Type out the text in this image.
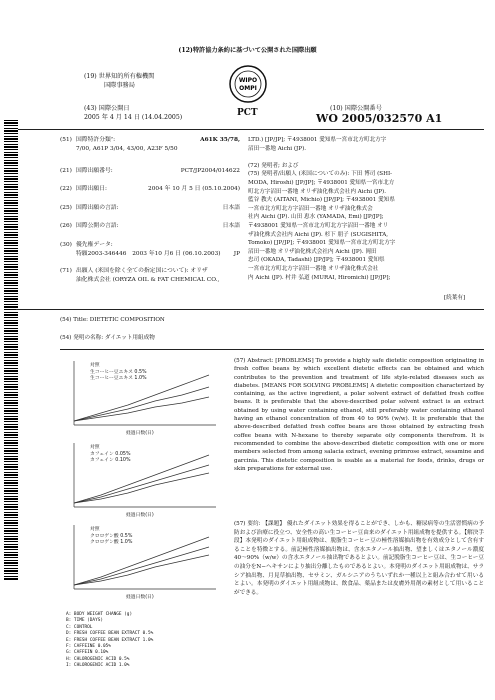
(12)特許協力条約に基づいて公開された国際出願
(19) 世界知的所有権機関
国際事務局
WIPO
OMPI
(43) 国際公開日
2005 年 4 月 14 日 (14.04.2005)	PCT	(10) 国際公開番号
WO 2005/032570 A1
(51) 国際特許分類⁷:	A61K 35/78,
7/00, A61P 3/04, 43/00, A23F 5/50
(21) 国際出願番号:	PCT/JP2004/014622
(22) 国際出願日:	2004 年 10 月 5 日 (05.10.2004)
(25) 国際出願の言語:	日本語
(26) 国際公開の言語:	日本語
(30) 優先権データ:
特願2003-346446　2003 年10 月6 日 (06.10.2003) JP
(71) 出願人 (米国を除く全ての指定国について): オリザ
油化株式会社 (ORYZA OIL & FAT CHEMICAL CO.,
LTD.) [JP/JP]; 〒4938001 愛知県一宮市北方町北方字
沼田一番地 Aichi (JP).

(72) 発明者; および
(75) 発明者/出願人 (米国についてのみ): 下田 博司 (SHI-
MODA, Hiroshi) [JP/JP]; 〒4938001 愛知県一宮市北方
町北方字沼田一番地 オリザ油化株式会社内 Aichi (JP).
藍谷 教夫 (AITANI, Michio) [JP/JP]; 〒4938001 愛知県
一宮市北方町北方字沼田一番地 オリザ油化株式会
社内 Aichi (JP). 山田 恵水 (YAMADA, Emi) [JP/JP];
〒4938001 愛知県一宮市北方町北方字沼田一番地 オリ
ザ油化株式会社内 Aichi (JP). 杉下 朋子 (SUGISHITA,
Tomoko) [JP/JP]; 〒4938001 愛知県一宮市北方町北方字
沼田一番地 オリザ油化株式会社内 Aichi (JP). 岡田
忠司 (OKADA, Tadashi) [JP/JP]; 〒4938001 愛知県
一宮市北方町北方字沼田一番地 オリザ油化株式会社
内 Aichi (JP). 村井 弘道 (MURAI, Hiromichi) [JP/JP];
[続葉有]
(54) Title: DIETETIC COMPOSITION
(54) 発明の名称: ダイエット用組成物
対照
生コーヒー豆エキス 0.5%
生コーヒー豆エキス 1.0%
経過日数(日)
対照
カフェイン 0.05%
カフェイン 0.10%
経過日数(日)
対照
クロロゲン酸 0.5%
クロロゲン酸 1.0%
経過日数(日)
A: BODY WEIGHT CHANGE (g)
B: TIME (DAYS)
C: CONTROL
D: FRESH COFFEE BEAN EXTRACT 0.5%
E: FRESH COFFEE BEAN EXTRACT 1.0%
F: CAFFEINE 0.05%
G: CAFFEIN 0.10%
H: CHLOROGENIC ACID 0.5%
I: CHLOROGENIC ACID 1.0%
(57) Abstract: [PROBLEMS] To provide a highly safe dietetic composition originating in fresh coffee beans by which excellent dietetic effects can be obtained and which contributes to the prevention and treatment of life style-related diseases such as diabetes. [MEANS FOR SOLVING PROBLEMS] A dietetic composition characterized by containing, as the active ingredient, a polar solvent extract of defatted fresh coffee beans. It is preferable that the above-described polar solvent extract is an extract obtained by using water containing ethanol, still preferably water containing ethanol having an ethanol concentration of from 40 to 90% (w/w). It is preferable that the above-described defatted fresh coffee beans are those obtained by extracting fresh coffee beans with N-hexane to thereby separate oily components therefrom. It is recommended to combine the above-described dietetic composition with one or more members selected from among salacia extract, evening primrose extract, sesamine and garcinia. This dietetic composition is usable as a material for foods, drinks, drugs or skin preparations for external use.
(57) 要約: 【課題】 優れたダイエット効果を得ることができ、しかも、糖尿病等の生活習慣病の予防および治療に役立つ、安全性の高い生コーヒー豆由来のダイエット用組成物を提供する。【解決手段】本発明のダイエット用組成物は、脱脂生コーヒー豆の極性溶媒抽出物を有効成分として含有することを特徴とする。前記極性溶媒抽出物は、含水エタノール抽出物、望ましくはエタノール濃度 40〜90%（w/w）の含水エタノール抽出物であるとよい。前記脱脂生コーヒー豆は、生コーヒー豆の油分をN−ヘキサンにより抽出分離したものであるとよい。本発明のダイエット用組成物は、サラシア抽出物、月見草抽出物、セサミン、ガルシニアのうちいずれか一種以上と組み合わせて用いるとよい。本発明のダイエット用組成物は、飲食品、薬品または皮膚外用剤の素材として用いることができる。
